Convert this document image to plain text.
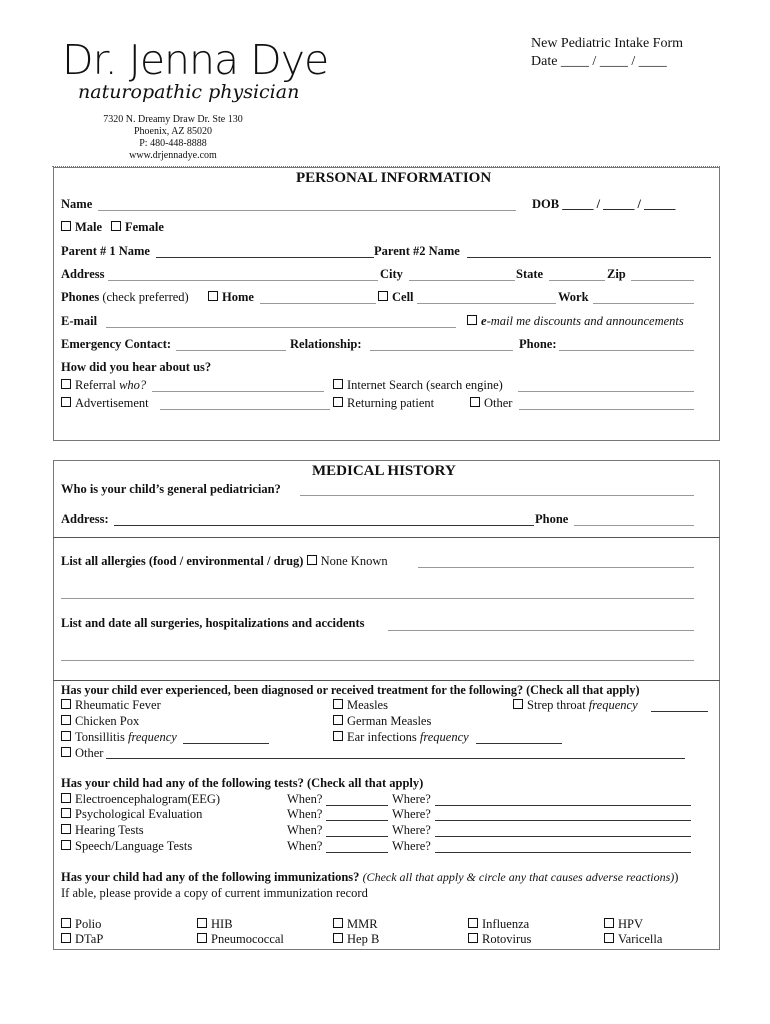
Dr. Jenna Dye
naturopathic physician
7320 N. Dreamy Draw Dr. Ste 130
Phoenix, AZ 85020
P: 480-448-8888
www.drjennadye.com
New Pediatric Intake Form
Date ____ / ____ / ____
PERSONAL INFORMATION
Name	DOB _____ / _____ / _____
Male	Female
Parent # 1 Name	Parent #2 Name
Address	City	State	Zip
Phones (check preferred)	Home	Cell	Work
E-mail	e-mail me discounts and announcements
Emergency Contact:	Relationship:	Phone:
How did you hear about us?
Referral who?	Internet Search (search engine)
Advertisement	Returning patient	Other
MEDICAL HISTORY
Who is your child’s general pediatrician?
Address:	Phone
List all allergies (food / environmental / drug) None Known
List and date all surgeries, hospitalizations and accidents
Has your child ever experienced, been diagnosed or received treatment for the following? (Check all that apply)
Rheumatic Fever	Measles	Strep throat frequency
Chicken Pox	German Measles
Tonsillitis frequency	Ear infections frequency
Other
Has your child had any of the following tests? (Check all that apply)
Electroencephalogram(EEG)	When?	Where?
Psychological Evaluation	When?	Where?
Hearing Tests	When?	Where?
Speech/Language Tests	When?	Where?
Has your child had any of the following immunizations? (Check all that apply & circle any that causes adverse reactions))
If able, please provide a copy of current immunization record
Polio	HIB	MMR	Influenza	HPV
DTaP	Pneumococcal	Hep B	Rotovirus	Varicella
